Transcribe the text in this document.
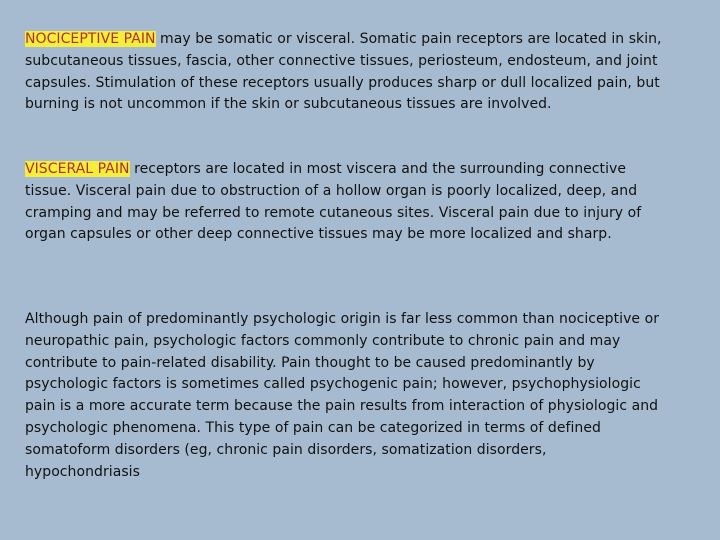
NOCICEPTIVE PAIN may be somatic or visceral. Somatic pain receptors are located in skin, subcutaneous tissues, fascia, other connective tissues, periosteum, endosteum, and joint capsules. Stimulation of these receptors usually produces sharp or dull localized pain, but burning is not uncommon if the skin or subcutaneous tissues are involved.

VISCERAL PAIN receptors are located in most viscera and the surrounding connective tissue. Visceral pain due to obstruction of a hollow organ is poorly localized, deep, and cramping and may be referred to remote cutaneous sites. Visceral pain due to injury of organ capsules or other deep connective tissues may be more localized and sharp.

Although pain of predominantly psychologic origin is far less common than nociceptive or neuropathic pain, psychologic factors commonly contribute to chronic pain and may contribute to pain-related disability. Pain thought to be caused predominantly by psychologic factors is sometimes called psychogenic pain; however, psychophysiologic pain is a more accurate term because the pain results from interaction of physiologic and psychologic phenomena. This type of pain can be categorized in terms of defined somatoform disorders (eg, chronic pain disorders, somatization disorders, hypochondriasis
